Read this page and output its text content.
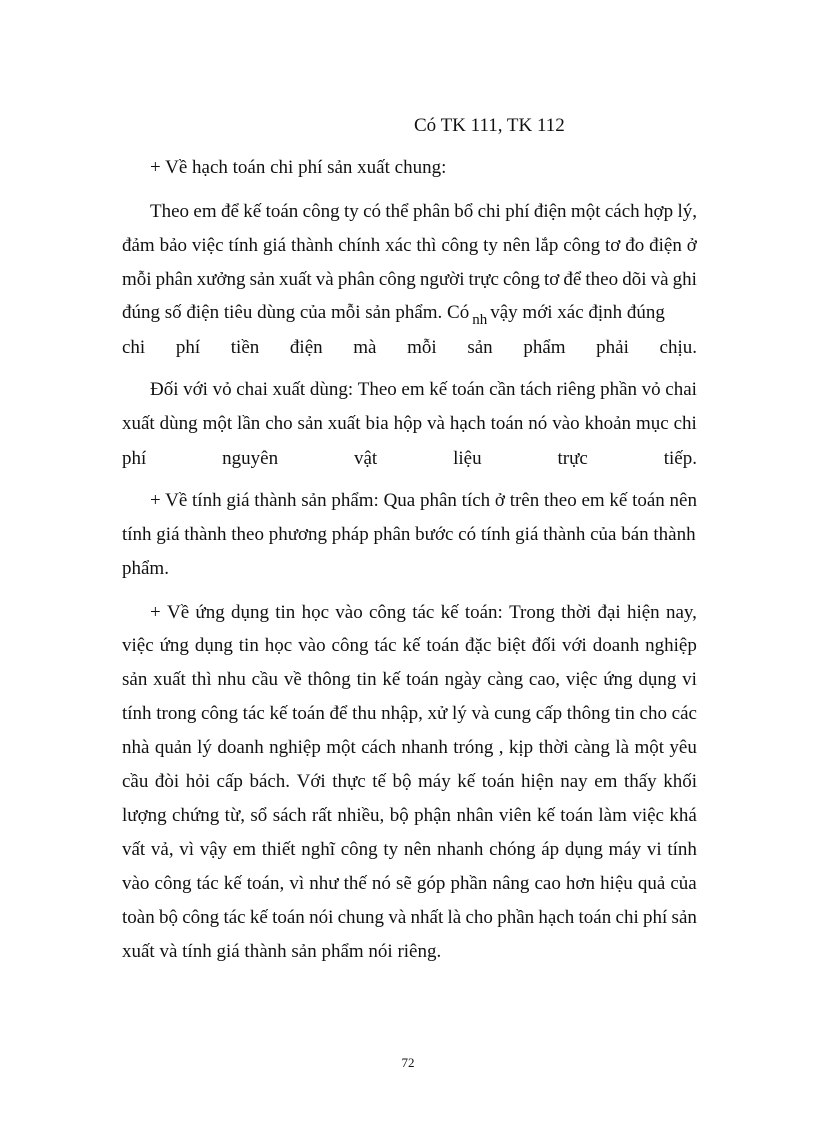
Có TK 111, TK 112
+ Về hạch toán chi phí sản xuất chung:
Theo em để kế toán công ty có thể phân bổ chi phí điện một cách hợp lý,
đảm bảo việc tính giá thành chính xác thì công ty nên lắp công tơ đo điện ở
mỗi phân xưởng sản xuất và phân công người trực công tơ để theo dõi và ghi
đúng số điện tiêu dùng của mỗi sản phẩm. Có $_{nh}$ vậy mới xác định đúng
chi phí tiền điện mà mỗi sản phẩm phải chịu.
Đối với vỏ chai xuất dùng: Theo em kế toán cần tách riêng phần vỏ chai
xuất dùng một lần cho sản xuất bia hộp và hạch toán nó vào khoản mục chi
phí	nguyên	vật	liệu	trực	tiếp.
+ Về tính giá thành sản phẩm: Qua phân tích ở trên theo em kế toán nên
tính giá thành theo phương pháp phân bước có tính giá thành của bán thành
phẩm.
+ Về ứng dụng tin học vào công tác kế toán: Trong thời đại hiện nay,
việc ứng dụng tin học vào công tác kế toán đặc biệt đối với doanh nghiệp
sản xuất thì nhu cầu về thông tin kế toán ngày càng cao, việc ứng dụng vi
tính trong công tác kế toán để thu nhập, xử lý và cung cấp thông tin cho các
nhà quản lý doanh nghiệp một cách nhanh tróng , kịp thời càng là một yêu
cầu đòi hỏi cấp bách. Với thực tế bộ máy kế toán hiện nay em thấy khối
lượng chứng từ, sổ sách rất nhiều, bộ phận nhân viên kế toán làm việc khá
vất vả, vì vậy em thiết nghĩ công ty nên nhanh chóng áp dụng máy vi tính
vào công tác kế toán, vì như thế nó sẽ góp phần nâng cao hơn hiệu quả của
toàn bộ công tác kế toán nói chung và nhất là cho phần hạch toán chi phí sản
xuất và tính giá thành sản phẩm nói riêng.
72
